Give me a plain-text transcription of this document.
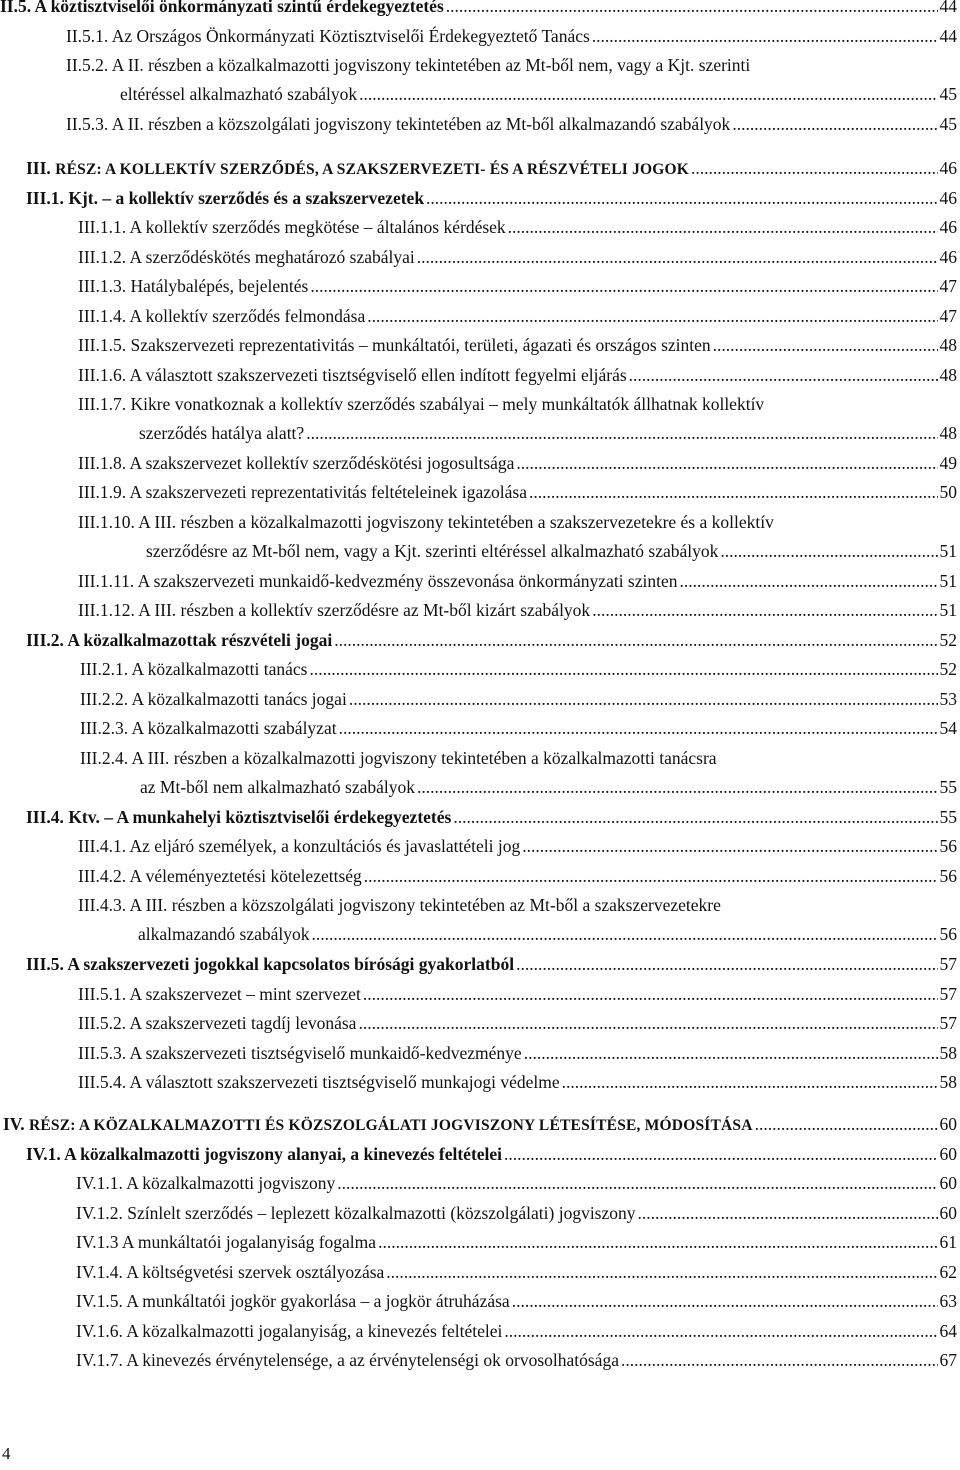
II.5. A köztisztviselői önkormányzati szintű érdekegyeztetés .....	44
II.5.1. Az Országos Önkormányzati Köztisztviselői Érdekegyeztető Tanács .....	44
II.5.2. A II. részben a közalkalmazotti jogviszony tekintetében az Mt-ből nem, vagy a Kjt. szerinti
eltéréssel alkalmazható szabályok .....	45
II.5.3. A II. részben a közszolgálati jogviszony tekintetében az Mt-ből alkalmazandó szabályok .....	45
III. RÉSZ: A KOLLEKTÍV SZERZŐDÉS, A SZAKSZERVEZETI- ÉS A RÉSZVÉTELI JOGOK .....	46
III.1. Kjt. – a kollektív szerződés és a szakszervezetek .....	46
III.1.1. A kollektív szerződés megkötése – általános kérdések .....	46
III.1.2. A szerződéskötés meghatározó szabályai .....	46
III.1.3. Hatálybalépés, bejelentés .....	47
III.1.4. A kollektív szerződés felmondása .....	47
III.1.5. Szakszervezeti reprezentativitás – munkáltatói, területi, ágazati és országos szinten .....	48
III.1.6. A választott szakszervezeti tisztségviselő ellen indított fegyelmi eljárás .....	48
III.1.7. Kikre vonatkoznak a kollektív szerződés szabályai – mely munkáltatók állhatnak kollektív
szerződés hatálya alatt? .....	48
III.1.8. A szakszervezet kollektív szerződéskötési jogosultsága .....	49
III.1.9. A szakszervezeti reprezentativitás feltételeinek igazolása .....	50
III.1.10. A III. részben a közalkalmazotti jogviszony tekintetében a szakszervezetekre és a kollektív
szerződésre az Mt-ből nem, vagy a Kjt. szerinti eltéréssel alkalmazható szabályok .....	51
III.1.11. A szakszervezeti munkaidő-kedvezmény összevonása önkormányzati szinten .....	51
III.1.12. A III. részben a kollektív szerződésre az Mt-ből kizárt szabályok .....	51
III.2. A közalkalmazottak részvételi jogai .....	52
III.2.1. A közalkalmazotti tanács .....	52
III.2.2. A közalkalmazotti tanács jogai .....	53
III.2.3. A közalkalmazotti szabályzat .....	54
III.2.4. A III. részben a közalkalmazotti jogviszony tekintetében a közalkalmazotti tanácsra
az Mt-ből nem alkalmazható szabályok .....	55
III.4. Ktv. – A munkahelyi köztisztviselői érdekegyeztetés .....	55
III.4.1. Az eljáró személyek, a konzultációs és javaslattételi jog .....	56
III.4.2. A véleményeztetési kötelezettség .....	56
III.4.3. A III. részben a közszolgálati jogviszony tekintetében az Mt-ből a szakszervezetekre
alkalmazandó szabályok .....	56
III.5. A szakszervezeti jogokkal kapcsolatos bírósági gyakorlatból .....	57
III.5.1. A szakszervezet – mint szervezet .....	57
III.5.2. A szakszervezeti tagdíj levonása .....	57
III.5.3. A szakszervezeti tisztségviselő munkaidő-kedvezménye .....	58
III.5.4. A választott szakszervezeti tisztségviselő munkajogi védelme .....	58
IV. RÉSZ: A KÖZALKALMAZOTTI ÉS KÖZSZOLGÁLATI JOGVISZONY LÉTESÍTÉSE, MÓDOSÍTÁSA .....	60
IV.1. A közalkalmazotti jogviszony alanyai, a kinevezés feltételei .....	60
IV.1.1. A közalkalmazotti jogviszony .....	60
IV.1.2. Színlelt szerződés – leplezett közalkalmazotti (közszolgálati) jogviszony .....	60
IV.1.3 A munkáltatói jogalanyiság fogalma .....	61
IV.1.4. A költségvetési szervek osztályozása .....	62
IV.1.5. A munkáltatói jogkör gyakorlása – a jogkör átruházása .....	63
IV.1.6. A közalkalmazotti jogalanyiság, a kinevezés feltételei .....	64
IV.1.7. A kinevezés érvénytelensége, a az érvénytelenségi ok orvosolhatósága .....	67
4
